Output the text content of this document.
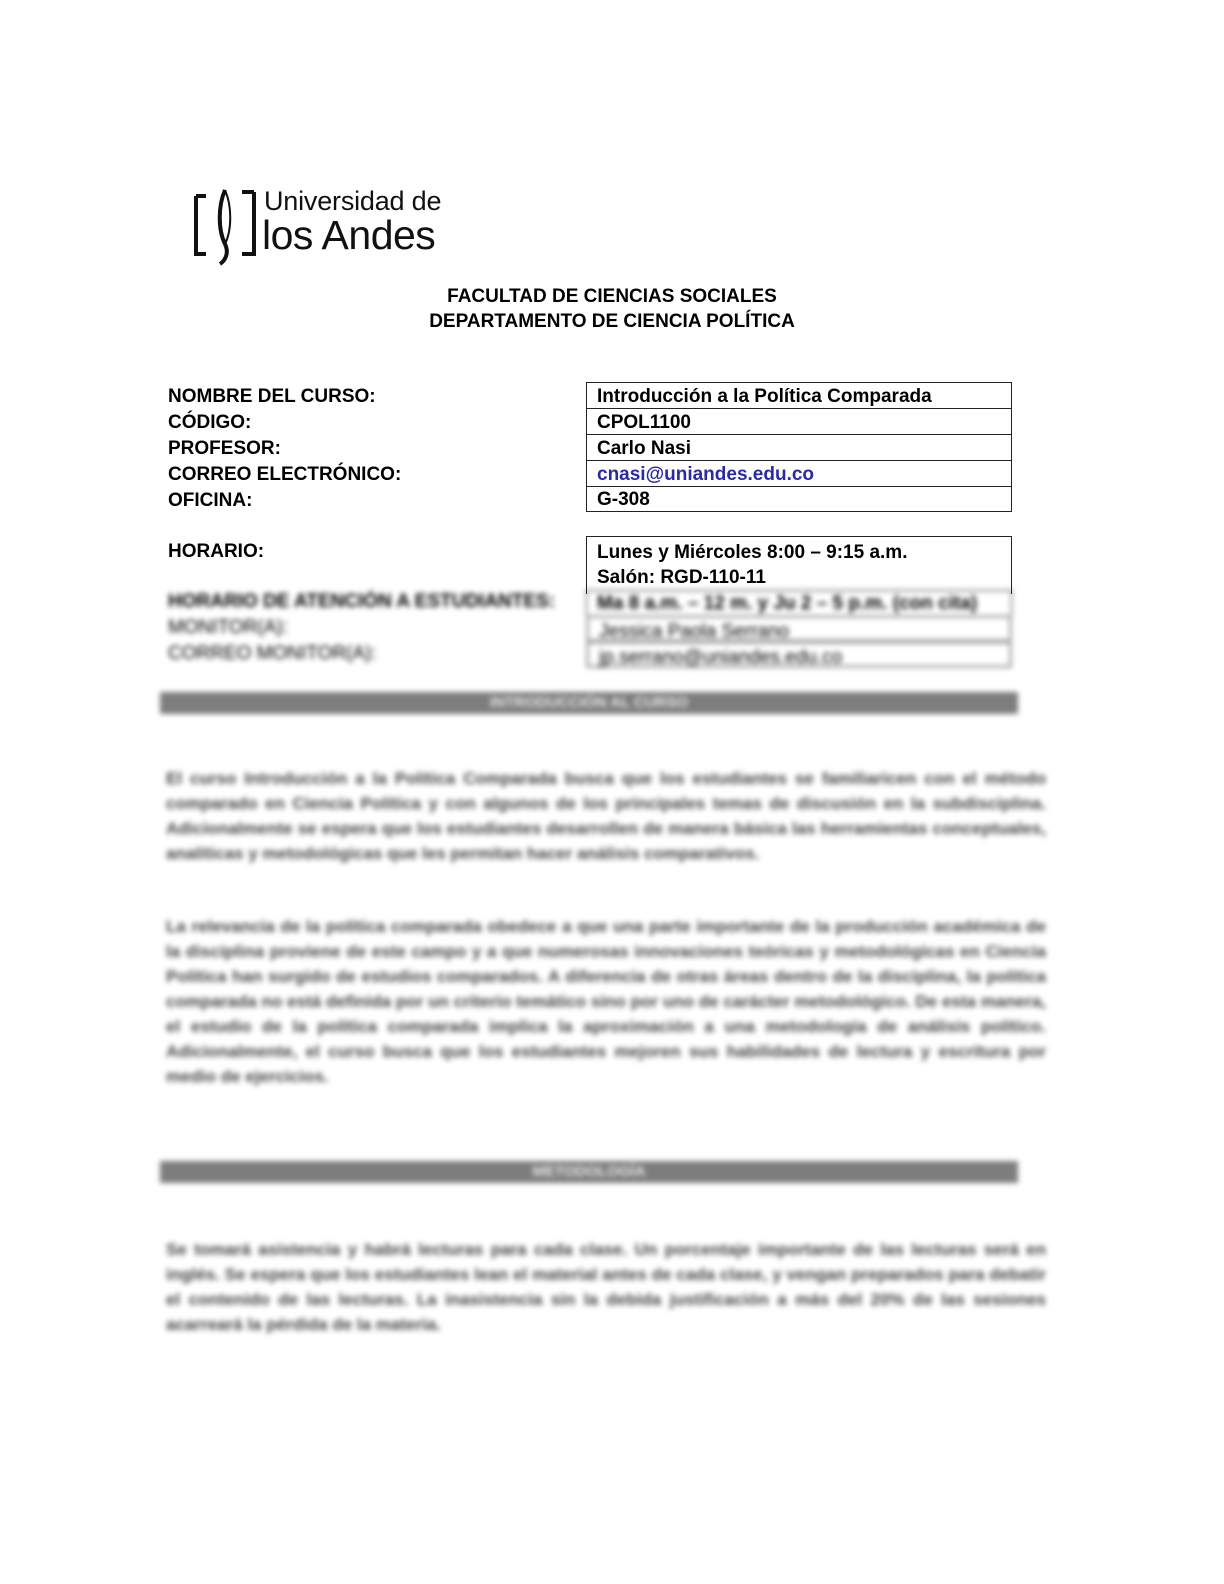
Universidad de
los Andes
FACULTAD DE CIENCIAS SOCIALES
DEPARTAMENTO DE CIENCIA POLÍTICA
NOMBRE DEL CURSO:
CÓDIGO:
PROFESOR:
CORREO ELECTRÓNICO:
OFICINA:
HORARIO:
Introducción a la Política Comparada
CPOL1100
Carlo Nasi
cnasi@uniandes.edu.co
G-308
Lunes y Miércoles 8:00 – 9:15 a.m.
Salón: RGD-110-11
HORARIO DE ATENCIÓN A ESTUDIANTES:
MONITOR(A):
CORREO MONITOR(A):
Ma 8 a.m. – 12 m. y Ju 2 – 5 p.m. (con cita)
Jessica Paola Serrano
jp.serrano@uniandes.edu.co
INTRODUCCIÓN AL CURSO
El curso Introducción a la Política Comparada busca que los estudiantes se familiaricen con el método comparado en Ciencia Política y con algunos de los principales temas de discusión en la subdisciplina. Adicionalmente se espera que los estudiantes desarrollen de manera básica las herramientas conceptuales, analíticas y metodológicas que les permitan hacer análisis comparativos.
La relevancia de la política comparada obedece a que una parte importante de la producción académica de la disciplina proviene de este campo y a que numerosas innovaciones teóricas y metodológicas en Ciencia Política han surgido de estudios comparados. A diferencia de otras áreas dentro de la disciplina, la política comparada no está definida por un criterio temático sino por uno de carácter metodológico. De esta manera, el estudio de la política comparada implica la aproximación a una metodología de análisis político. Adicionalmente, el curso busca que los estudiantes mejoren sus habilidades de lectura y escritura por medio de ejercicios.
METODOLOGÍA
Se tomará asistencia y habrá lecturas para cada clase. Un porcentaje importante de las lecturas será en inglés. Se espera que los estudiantes lean el material antes de cada clase, y vengan preparados para debatir el contenido de las lecturas. La inasistencia sin la debida justificación a más del 20% de las sesiones acarreará la pérdida de la materia.
